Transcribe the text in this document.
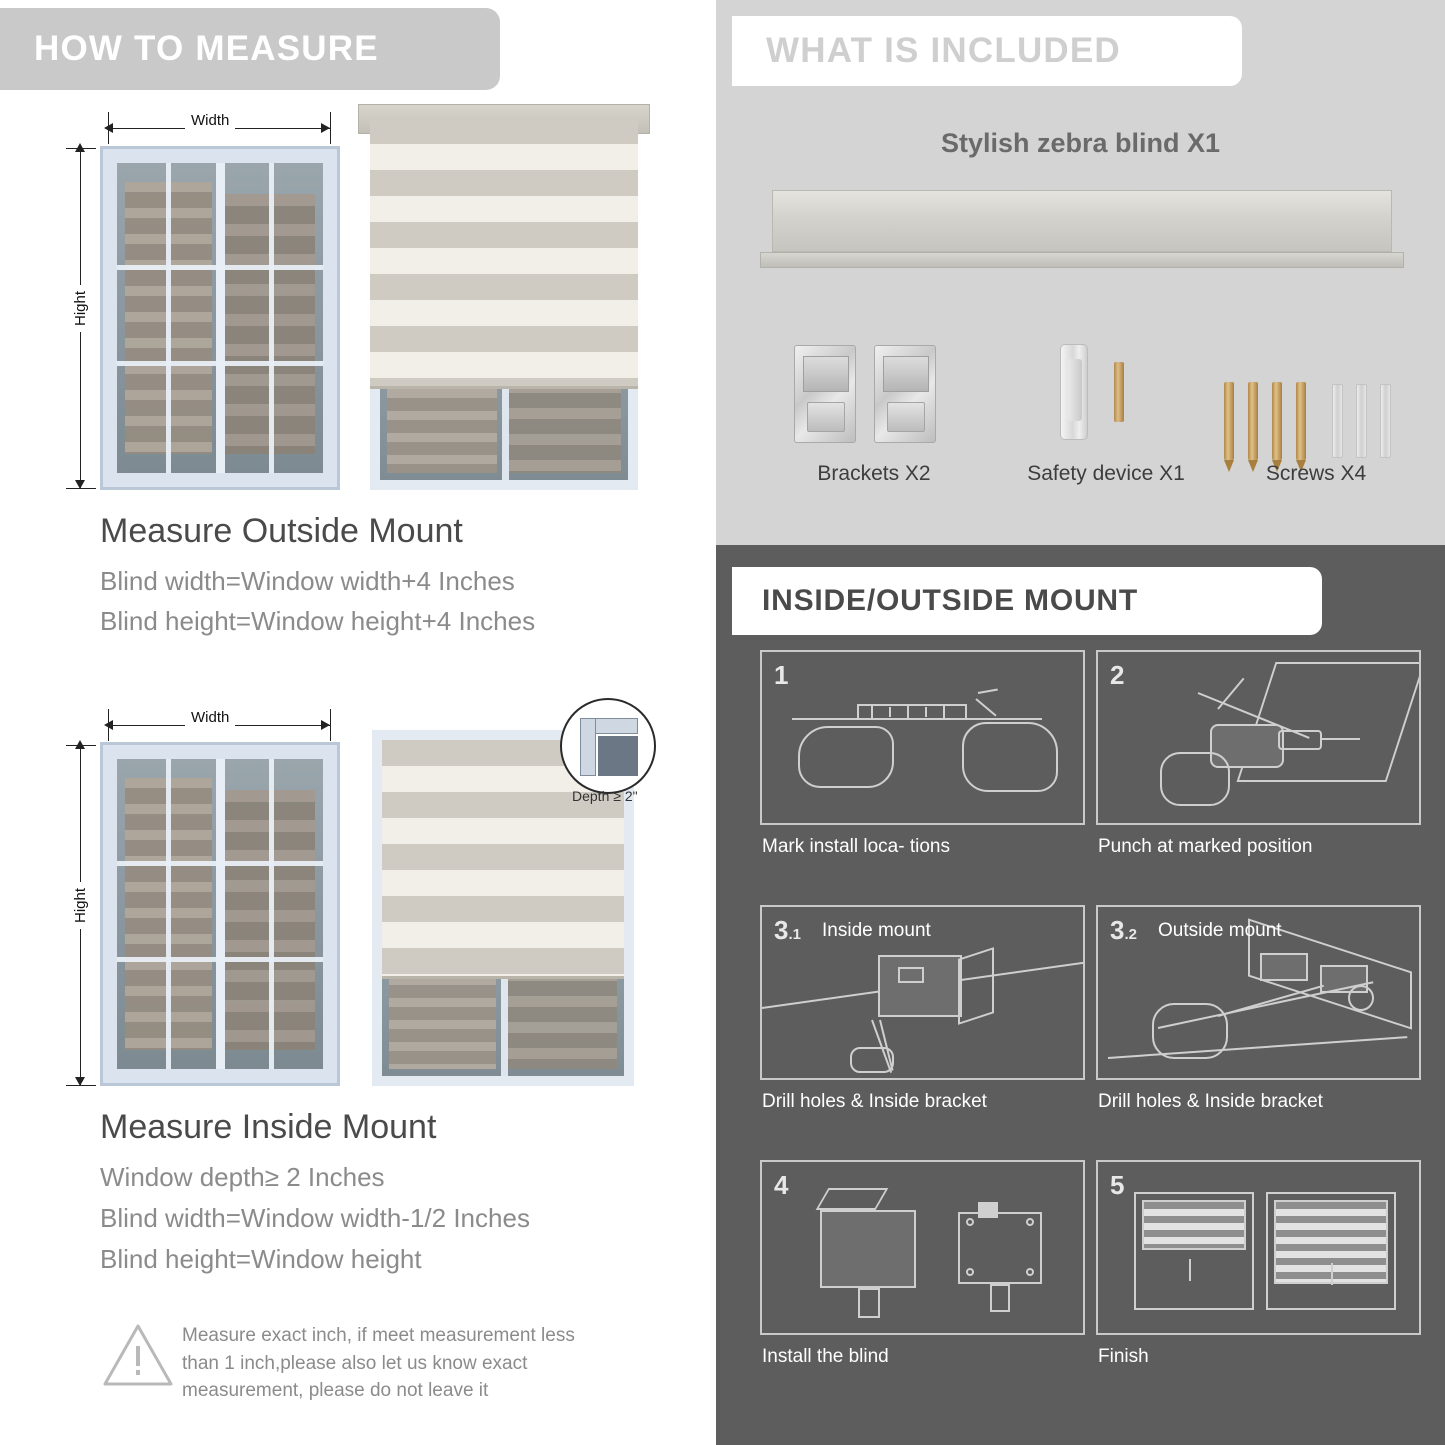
HOW TO MEASURE
Width
Hight
Measure Outside Mount
Blind width=Window width+4 Inches
Blind height=Window height+4 Inches
Width
Hight
Depth ≥ 2"
Measure Inside Mount
Window depth≥ 2 Inches
Blind width=Window width-1/2 Inches
Blind height=Window height
Measure exact inch, if meet measurement less than 1 inch,please also let us know exact measurement, please do not leave it
WHAT IS INCLUDED
Stylish zebra blind X1
Brackets X2	Safety device X1	Screws X4
INSIDE/OUTSIDE MOUNT
1
Mark install loca- tions
2
Punch at marked position
3.1 Inside mount
Drill holes & Inside bracket
3.2 Outside mount
Drill holes & Inside bracket
4
Install the blind
5
Finish
